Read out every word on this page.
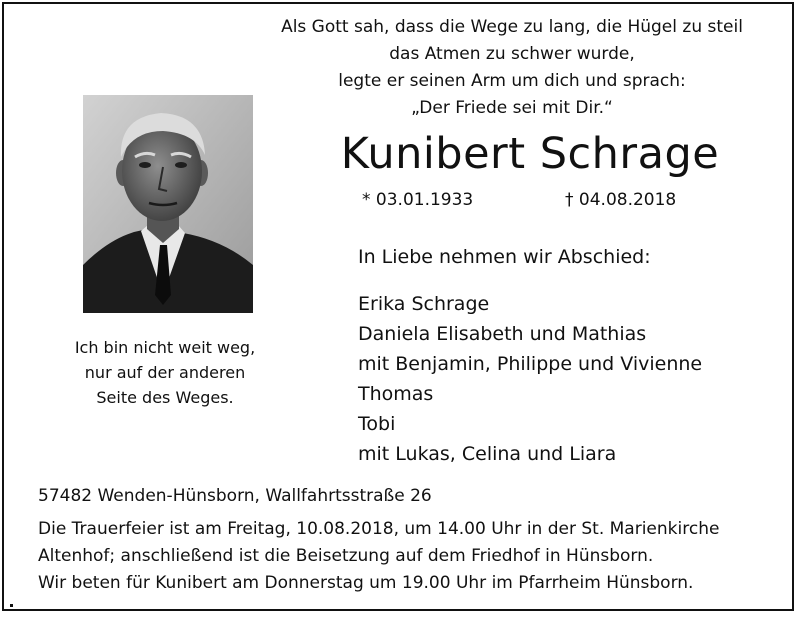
Als Gott sah, dass die Wege zu lang, die Hügel zu steil
das Atmen zu schwer wurde,
legte er seinen Arm um dich und sprach:
„Der Friede sei mit Dir.“
Ich bin nicht weit weg,
nur auf der anderen
Seite des Weges.
Kunibert Schrage
* 03.01.1933	† 04.08.2018
In Liebe nehmen wir Abschied:
Erika Schrage
Daniela Elisabeth und Mathias
mit Benjamin, Philippe und Vivienne
Thomas
Tobi
mit Lukas, Celina und Liara
57482 Wenden-Hünsborn, Wallfahrtsstraße 26
Die Trauerfeier ist am Freitag, 10.08.2018, um 14.00 Uhr in der St. Marienkirche
Altenhof; anschließend ist die Beisetzung auf dem Friedhof in Hünsborn.
Wir beten für Kunibert am Donnerstag um 19.00 Uhr im Pfarrheim Hünsborn.
